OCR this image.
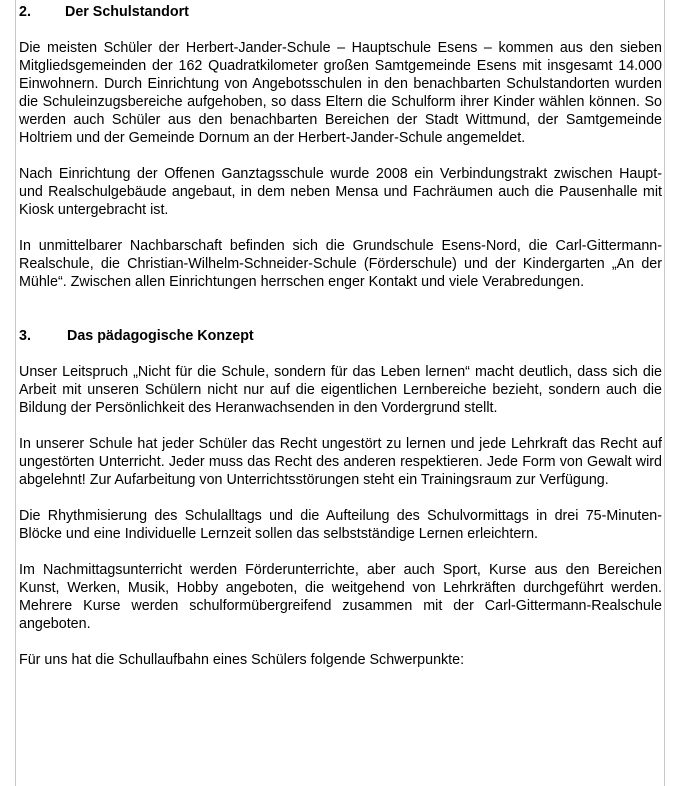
2.	Der Schulstandort

Die meisten Schüler der Herbert-Jander-Schule – Hauptschule Esens – kommen aus den sieben Mitgliedsgemeinden der 162 Quadratkilometer großen Samtgemeinde Esens mit insgesamt 14.000 Einwohnern. Durch Einrichtung von Angebotsschulen in den benachbarten Schulstandorten wurden die Schuleinzugsbereiche aufgehoben, so dass Eltern die Schulform ihrer Kinder wählen können. So werden auch Schüler aus den benachbarten Bereichen der Stadt Wittmund, der Samtgemeinde Holtriem und der Gemeinde Dornum an der Herbert-Jander-Schule angemeldet.

Nach Einrichtung der Offenen Ganztagsschule wurde 2008 ein Verbindungstrakt zwischen Haupt- und Realschulgebäude angebaut, in dem neben Mensa und Fachräumen auch die Pausenhalle mit Kiosk untergebracht ist.

In unmittelbarer Nachbarschaft befinden sich die Grundschule Esens-Nord, die Carl-Gittermann-Realschule, die Christian-Wilhelm-Schneider-Schule (Förderschule) und der Kindergarten „An der Mühle“. Zwischen allen Einrichtungen herrschen enger Kontakt und viele Verabredungen.

3.	Das pädagogische Konzept

Unser Leitspruch „Nicht für die Schule, sondern für das Leben lernen“ macht deutlich, dass sich die Arbeit mit unseren Schülern nicht nur auf die eigentlichen Lernbereiche bezieht, sondern auch die Bildung der Persönlichkeit des Heranwachsenden in den Vordergrund stellt.

In unserer Schule hat jeder Schüler das Recht ungestört zu lernen und jede Lehrkraft das Recht auf ungestörten Unterricht. Jeder muss das Recht des anderen respektieren. Jede Form von Gewalt wird abgelehnt! Zur Aufarbeitung von Unterrichtsstörungen steht ein Trainingsraum zur Verfügung.

Die Rhythmisierung des Schulalltags und die Aufteilung des Schulvormittags in drei 75-Minuten-Blöcke und eine Individuelle Lernzeit sollen das selbstständige Lernen erleichtern.

Im Nachmittagsunterricht werden Förderunterrichte, aber auch Sport, Kurse aus den Bereichen Kunst, Werken, Musik, Hobby angeboten, die weitgehend von Lehrkräften durchgeführt werden. Mehrere Kurse werden schulformübergreifend zusammen mit der Carl-Gittermann-Realschule angeboten.

Für uns hat die Schullaufbahn eines Schülers folgende Schwerpunkte:
